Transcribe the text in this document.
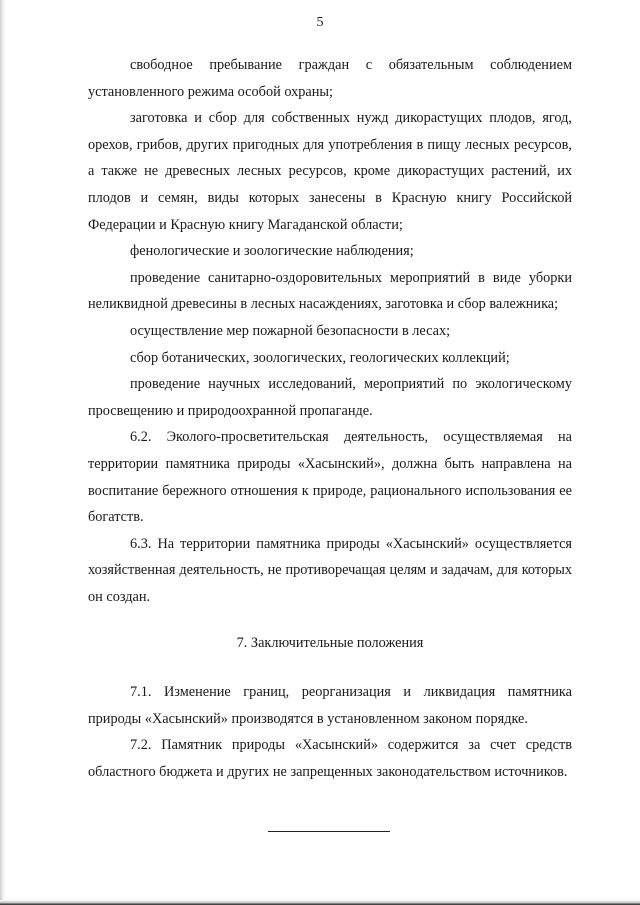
5

свободное пребывание граждан с обязательным соблюдением установленного режима особой охраны;

заготовка и сбор для собственных нужд дикорастущих плодов, ягод, орехов, грибов, других пригодных для употребления в пищу лесных ресурсов, а также не древесных лесных ресурсов, кроме дикорастущих растений, их плодов и семян, виды которых занесены в Красную книгу Российской Федерации и Красную книгу Магаданской области;

фенологические и зоологические наблюдения;

проведение санитарно-оздоровительных мероприятий в виде уборки неликвидной древесины в лесных насаждениях, заготовка и сбор валежника;

осуществление мер пожарной безопасности в лесах;

сбор ботанических, зоологических, геологических коллекций;

проведение научных исследований, мероприятий по экологическому просвещению и природоохранной пропаганде.

6.2. Эколого-просветительская деятельность, осуществляемая на территории памятника природы «Хасынский», должна быть направлена на воспитание бережного отношения к природе, рационального использования ее богатств.

6.3. На территории памятника природы «Хасынский» осуществляется хозяйственная деятельность, не противоречащая целям и задачам, для которых он создан.

7. Заключительные положения

7.1. Изменение границ, реорганизация и ликвидация памятника природы «Хасынский» производятся в установленном законом порядке.

7.2. Памятник природы «Хасынский» содержится за счет средств областного бюджета и других не запрещенных законодательством источников.
